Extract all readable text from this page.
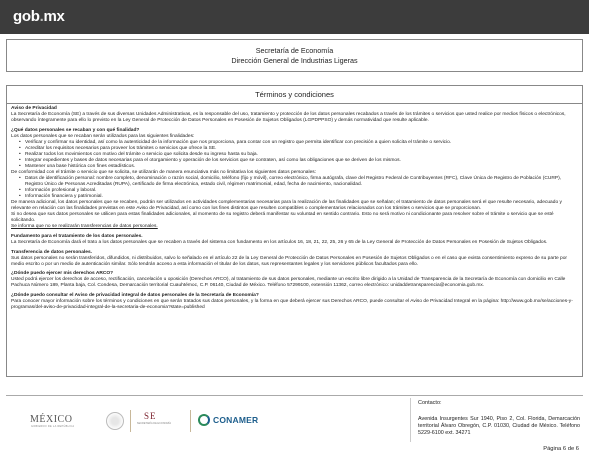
gob.mx
Secretaría de Economía
Dirección General de Industrias Ligeras
Términos y condiciones
Aviso de Privacidad

La Secretaría de Economía (SE) a través de sus diversas Unidades Administrativas, es la responsable del uso, tratamiento y protección de los datos personales recabados a través de los trámites o servicios que usted realice por medios físicos o electrónicos, observando íntegramente para ello lo previsto en la Ley General de Protección de Datos Personales en Posesión de Sujetos Obligados (LGPDPPSO) y demás normatividad que resulte aplicable.

¿Qué datos personales se recaban y con qué finalidad?

Los datos personales que se recaban serán utilizados para las siguientes finalidades:

• Verificar y confirmar su identidad, así como la autenticidad de la información que nos proporciona, para contar con un registro que permita identificar con precisión a quien solicita el trámite o servicio.
• Acreditar los requisitos necesarios para proveer los trámites o servicios que ofrece la SE.
• Realizar todos los movimientos con motivo del trámite o servicio que solicita desde su ingreso hasta su baja.
• Integrar expedientes y bases de datos necesarias para el otorgamiento y operación de los servicios que se contraten, así como las obligaciones que se deriven de los mismos.
• Mantener una base histórica con fines estadísticos.

De conformidad con el trámite o servicio que se solicita, se utilizarán de manera enunciativa más no limitativa los siguientes datos personales:

• Datos de identificación personal: nombre completo, denominación o razón social, domicilio, teléfono (fijo y móvil), correo electrónico, firma autógrafa, clave del Registro Federal de Contribuyentes (RFC), Clave Única de Registro de Población (CURP), Registro Único de Personas Acreditadas (RUPA), certificado de firma electrónica, estado civil, régimen matrimonial, edad, fecha de nacimiento, nacionalidad.
• Información profesional y laboral.
• Información financiera y patrimonial.

De manera adicional, los datos personales que se recaben, podrán ser utilizados en actividades complementarias necesarias para la realización de las finalidades que se señalan; el tratamiento de datos personales será el que resulte necesario, adecuado y relevante en relación con las finalidades previstas en este Aviso de Privacidad, así como con los fines distintos que resulten compatibles o complementarios relacionados con los trámites o servicios que se proporcionan.

Si no desea que sus datos personales se utilicen para estas finalidades adicionales, al momento de su registro deberá manifestar su voluntad en sentido contrario. Esto no será motivo ni condicionante para resolver sobre el trámite o servicio que se esté solicitando.

Se informa que no se realizarán transferencias de datos personales.

Fundamento para el tratamiento de los datos personales.

La Secretaría de Economía dará el trato a los datos personales que se recaben a través del sistema con fundamento en los artículos 16, 18, 21, 22, 25, 26 y 65 de la Ley General de Protección de Datos Personales en Posesión de Sujetos Obligados.

Transferencia de datos personales.

Sus datos personales no serán transferidos, difundidos, ni distribuidos, salvo lo señalado en el artículo 22 de la Ley General de Protección de Datos Personales en Posesión de Sujetos Obligados o en el caso que exista consentimiento expreso de su parte por medio escrito o por un medio de autenticación similar. Sólo tendrán acceso a esta información el titular de los datos, sus representantes legales y los servidores públicos facultados para ello.

¿Dónde puedo ejercer mis derechos ARCO?

Usted podrá ejercer los derechos de acceso, rectificación, cancelación u oposición (Derechos ARCO), al tratamiento de sus datos personales, mediante un escrito libre dirigido a la Unidad de Transparencia de la Secretaría de Economía con domicilio en Calle Pachuca Número 189, Planta baja, Col. Condesa, Demarcación territorial Cuauhtémoc, C.P. 06140, Ciudad de México. Teléfono 57299100, extensión 11362, correo electrónico: unidaddetransparencia@economia.gob.mx.

¿Dónde puedo consultar el Aviso de privacidad integral de datos personales de la Secretaría de Economía?

Para conocer mayor información sobre los términos y condiciones en que serán tratados sus datos personales, y la forma en que deberá ejercer sus Derechos ARCO, puede consultar el Aviso de Privacidad Integral en la página: http://www.gob.mx/se/acciones-y-programas/del-aviso-de-privacidad-integral-de-la-secretaria-de-economia?state=published

MÉXICO
GOBIERNO DE LA REPÚBLICA
SE
SECRETARÍA DE ECONOMÍA	CONAMER
Contacto:
Avenida Insurgentes Sur 1940, Piso 2, Col. Florida, Demarcación territorial Álvaro Obregón, C.P. 01030, Ciudad de México. Teléfono 5229-6100 ext. 34271
Página 6 de 6
